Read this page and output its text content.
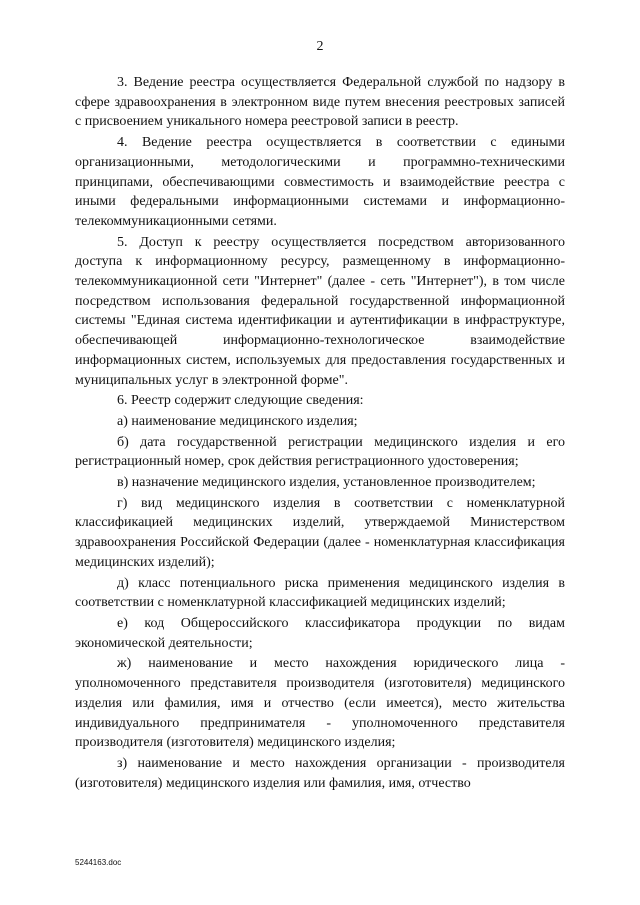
2

3. Ведение реестра осуществляется Федеральной службой по надзору в сфере здравоохранения в электронном виде путем внесения реестровых записей с присвоением уникального номера реестровой записи в реестр.

4. Ведение реестра осуществляется в соответствии с едиными организационными, методологическими и программно-техническими принципами, обеспечивающими совместимость и взаимодействие реестра с иными федеральными информационными системами и информационно-телекоммуникационными сетями.

5. Доступ к реестру осуществляется посредством авторизованного доступа к информационному ресурсу, размещенному в информационно-телекоммуникационной сети "Интернет" (далее - сеть "Интернет"), в том числе посредством использования федеральной государственной информационной системы "Единая система идентификации и аутентификации в инфраструктуре, обеспечивающей информационно-технологическое взаимодействие информационных систем, используемых для предоставления государственных и муниципальных услуг в электронной форме".

6. Реестр содержит следующие сведения:

а) наименование медицинского изделия;

б) дата государственной регистрации медицинского изделия и его регистрационный номер, срок действия регистрационного удостоверения;

в) назначение медицинского изделия, установленное производителем;

г) вид медицинского изделия в соответствии с номенклатурной классификацией медицинских изделий, утверждаемой Министерством здравоохранения Российской Федерации (далее - номенклатурная классификация медицинских изделий);

д) класс потенциального риска применения медицинского изделия в соответствии с номенклатурной классификацией медицинских изделий;

е) код Общероссийского классификатора продукции по видам экономической деятельности;

ж) наименование и место нахождения юридического лица - уполномоченного представителя производителя (изготовителя) медицинского изделия или фамилия, имя и отчество (если имеется), место жительства индивидуального предпринимателя - уполномоченного представителя производителя (изготовителя) медицинского изделия;

з) наименование и место нахождения организации - производителя (изготовителя) медицинского изделия или фамилия, имя, отчество

5244163.doc
